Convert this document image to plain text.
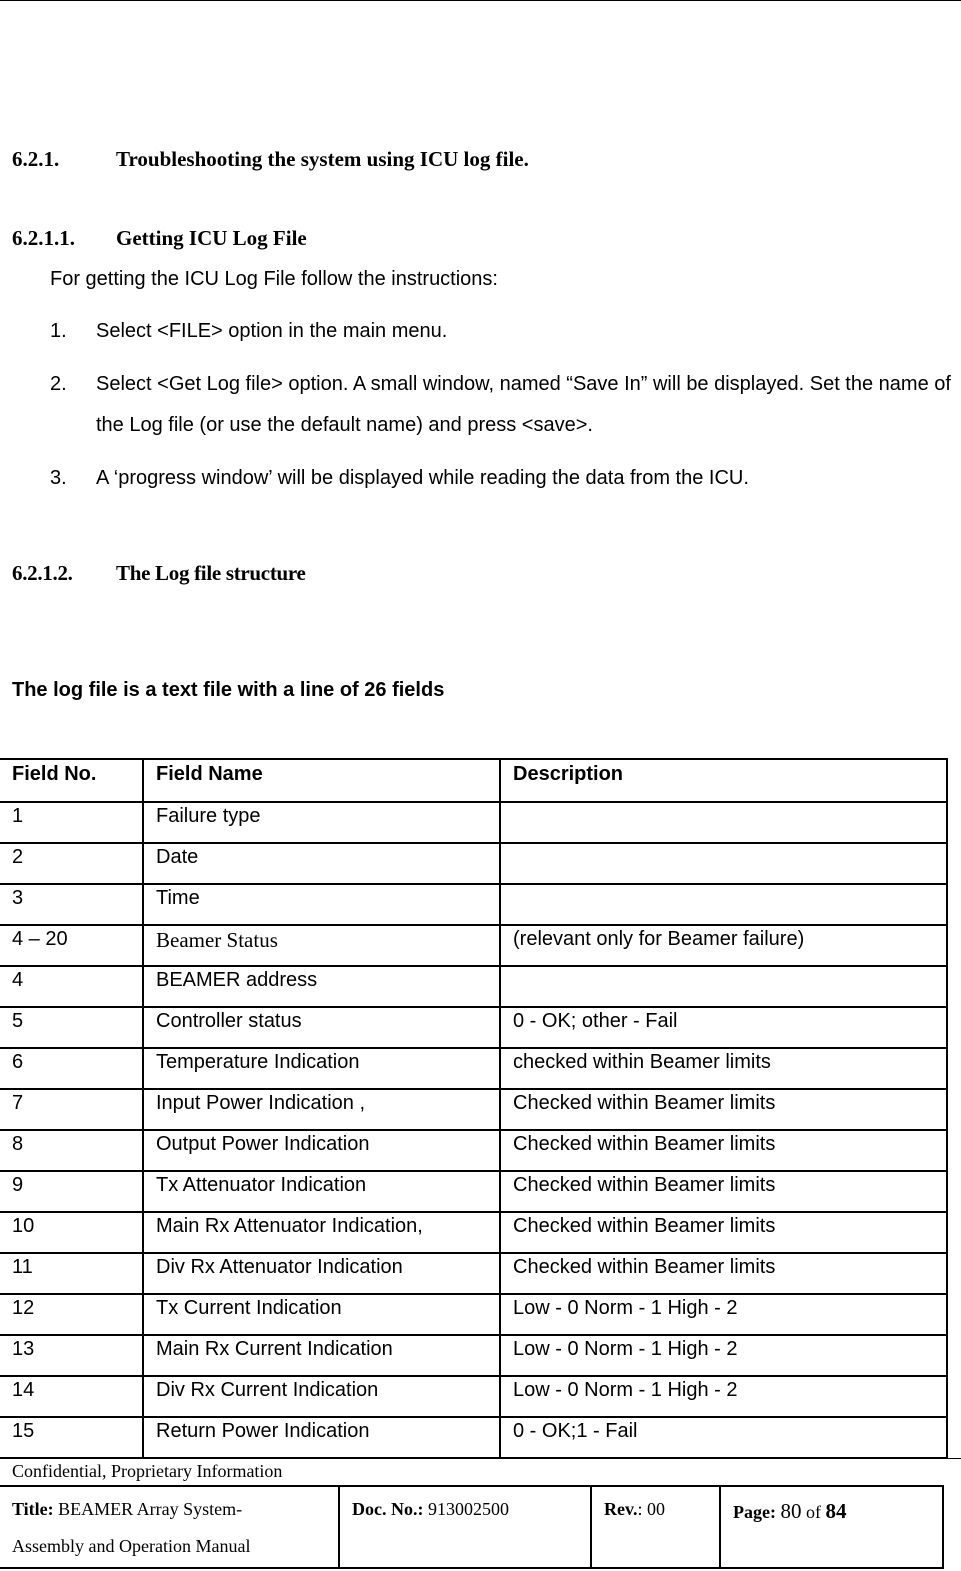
6.2.1.	Troubleshooting the system using ICU log file.
6.2.1.1. Getting ICU Log File
For getting the ICU Log File follow the instructions:
1. Select <FILE> option in the main menu.
2. Select <Get Log file> option. A small window, named “Save In” will be displayed. Set the name of the Log file (or use the default name) and press <save>.
3. A ‘progress window’ will be displayed while reading the data from the ICU.
6.2.1.2. The Log file structure
The log file is a text file with a line of 26 fields
Field No.	Field Name	Description
1	Failure type	
2	Date	
3	Time	
4 – 20	Beamer Status	(relevant only for Beamer failure)
4	BEAMER address	
5	Controller status	0 - OK; other - Fail
6	Temperature Indication	checked within Beamer limits
7	Input Power Indication ,	Checked within Beamer limits
8	Output Power Indication	Checked within Beamer limits
9	Tx Attenuator Indication	Checked within Beamer limits
10	Main Rx Attenuator Indication,	Checked within Beamer limits
11	Div Rx Attenuator Indication	Checked within Beamer limits
12	Tx Current Indication	Low - 0 Norm - 1 High - 2
13	Main Rx Current Indication	Low - 0 Norm - 1 High - 2
14	Div Rx Current Indication	Low - 0 Norm - 1 High - 2
15	Return Power Indication	0 - OK;1 - Fail
Confidential, Proprietary Information
Title: BEAMER Array System-
Assembly and Operation Manual
	Doc. No.: 913002500	Rev.: 00	Page: 80 of 84
